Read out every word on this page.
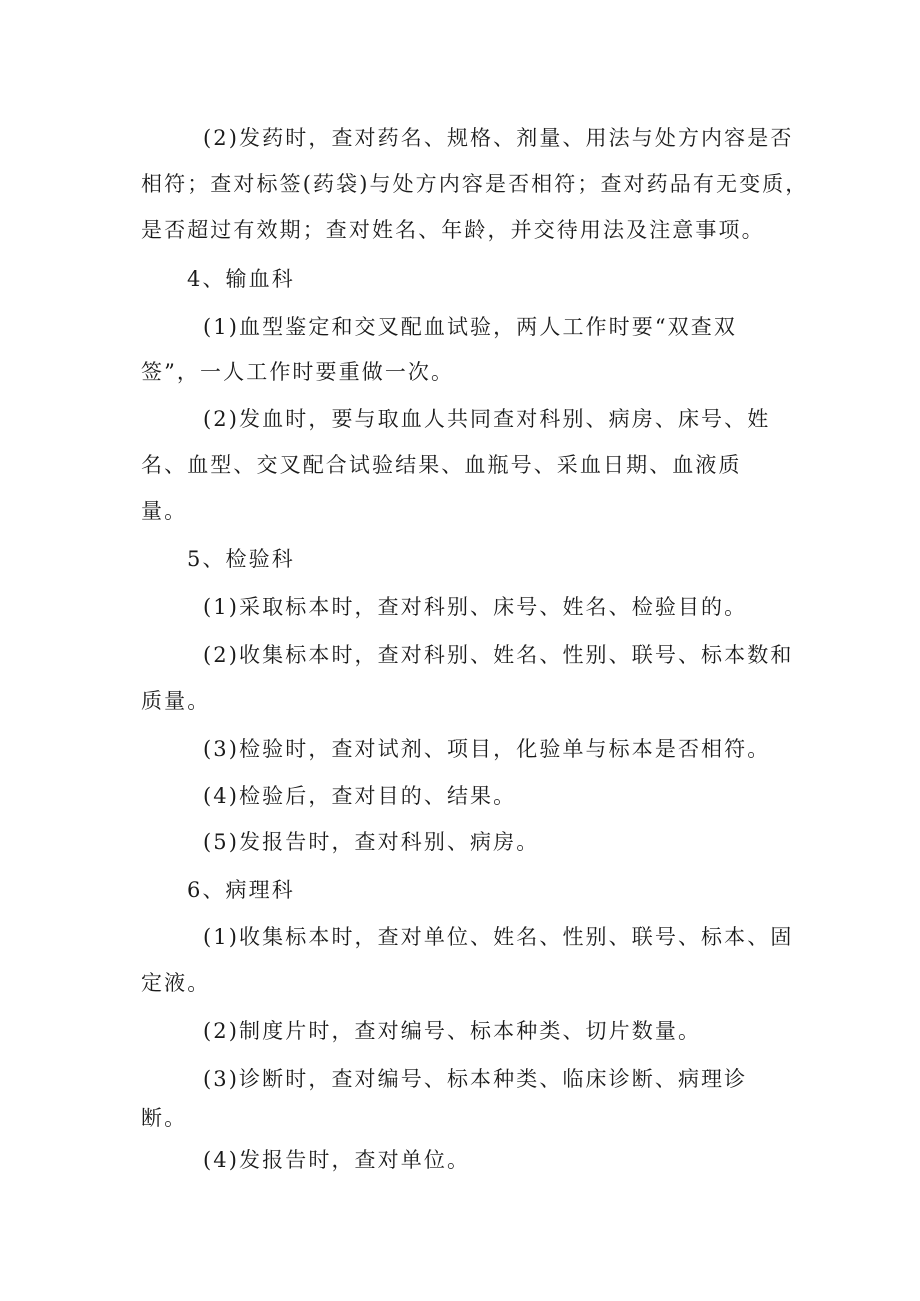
(2)发药时，查对药名、规格、剂量、用法与处方内容是否
相符；查对标签(药袋)与处方内容是否相符；查对药品有无变质，
是否超过有效期；查对姓名、年龄，并交待用法及注意事项。
4、输血科
(1)血型鉴定和交叉配血试验，两人工作时要“双查双
签”，一人工作时要重做一次。
(2)发血时，要与取血人共同查对科别、病房、床号、姓
名、血型、交叉配合试验结果、血瓶号、采血日期、血液质
量。
5、检验科
(1)采取标本时，查对科别、床号、姓名、检验目的。
(2)收集标本时，查对科别、姓名、性别、联号、标本数和
质量。
(3)检验时，查对试剂、项目，化验单与标本是否相符。
(4)检验后，查对目的、结果。
(5)发报告时，查对科别、病房。
6、病理科
(1)收集标本时，查对单位、姓名、性别、联号、标本、固
定液。
(2)制度片时，查对编号、标本种类、切片数量。
(3)诊断时，查对编号、标本种类、临床诊断、病理诊
断。
(4)发报告时，查对单位。
